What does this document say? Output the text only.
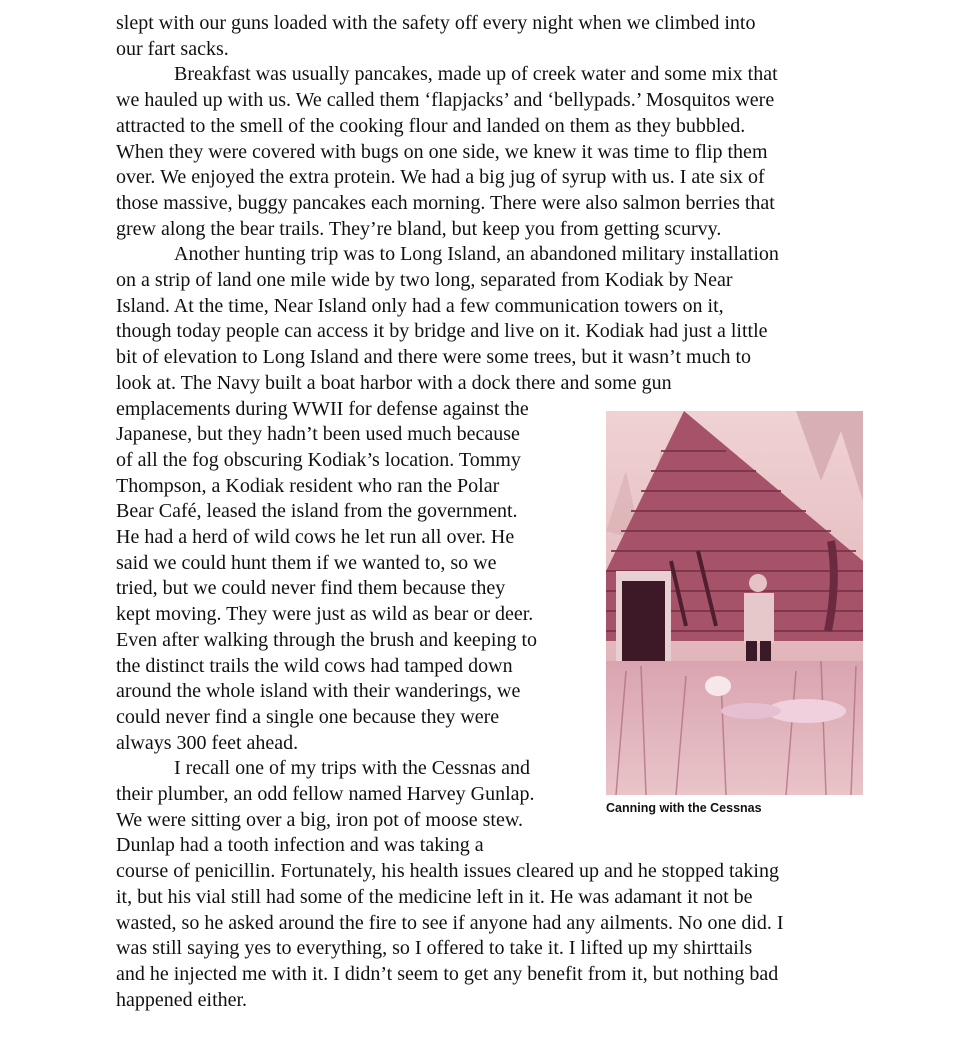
slept with our guns loaded with the safety off every night when we climbed into
our fart sacks.
Breakfast was usually pancakes, made up of creek water and some mix that
we hauled up with us. We called them ‘flapjacks’ and ‘bellypads.’ Mosquitos were
attracted to the smell of the cooking flour and landed on them as they bubbled.
When they were covered with bugs on one side, we knew it was time to flip them
over. We enjoyed the extra protein. We had a big jug of syrup with us. I ate six of
those massive, buggy pancakes each morning. There were also salmon berries that
grew along the bear trails. They’re bland, but keep you from getting scurvy.
Another hunting trip was to Long Island, an abandoned military installation
on a strip of land one mile wide by two long, separated from Kodiak by Near
Island. At the time, Near Island only had a few communication towers on it,
though today people can access it by bridge and live on it. Kodiak had just a little
bit of elevation to Long Island and there were some trees, but it wasn’t much to
look at. The Navy built a boat harbor with a dock there and some gun
emplacements during WWII for defense against the
Japanese, but they hadn’t been used much because
of all the fog obscuring Kodiak’s location. Tommy
Thompson, a Kodiak resident who ran the Polar
Bear Café, leased the island from the government.
He had a herd of wild cows he let run all over. He
said we could hunt them if we wanted to, so we
tried, but we could never find them because they
kept moving. They were just as wild as bear or deer.
Even after walking through the brush and keeping to
the distinct trails the wild cows had tamped down
around the whole island with their wanderings, we
could never find a single one because they were
always 300 feet ahead.
I recall one of my trips with the Cessnas and
their plumber, an odd fellow named Harvey Gunlap.
We were sitting over a big, iron pot of moose stew.
Dunlap had a tooth infection and was taking a
course of penicillin. Fortunately, his health issues cleared up and he stopped taking
it, but his vial still had some of the medicine left in it. He was adamant it not be
wasted, so he asked around the fire to see if anyone had any ailments. No one did. I
was still saying yes to everything, so I offered to take it. I lifted up my shirttails
and he injected me with it. I didn’t seem to get any benefit from it, but nothing bad
happened either.
Canning with the Cessnas
